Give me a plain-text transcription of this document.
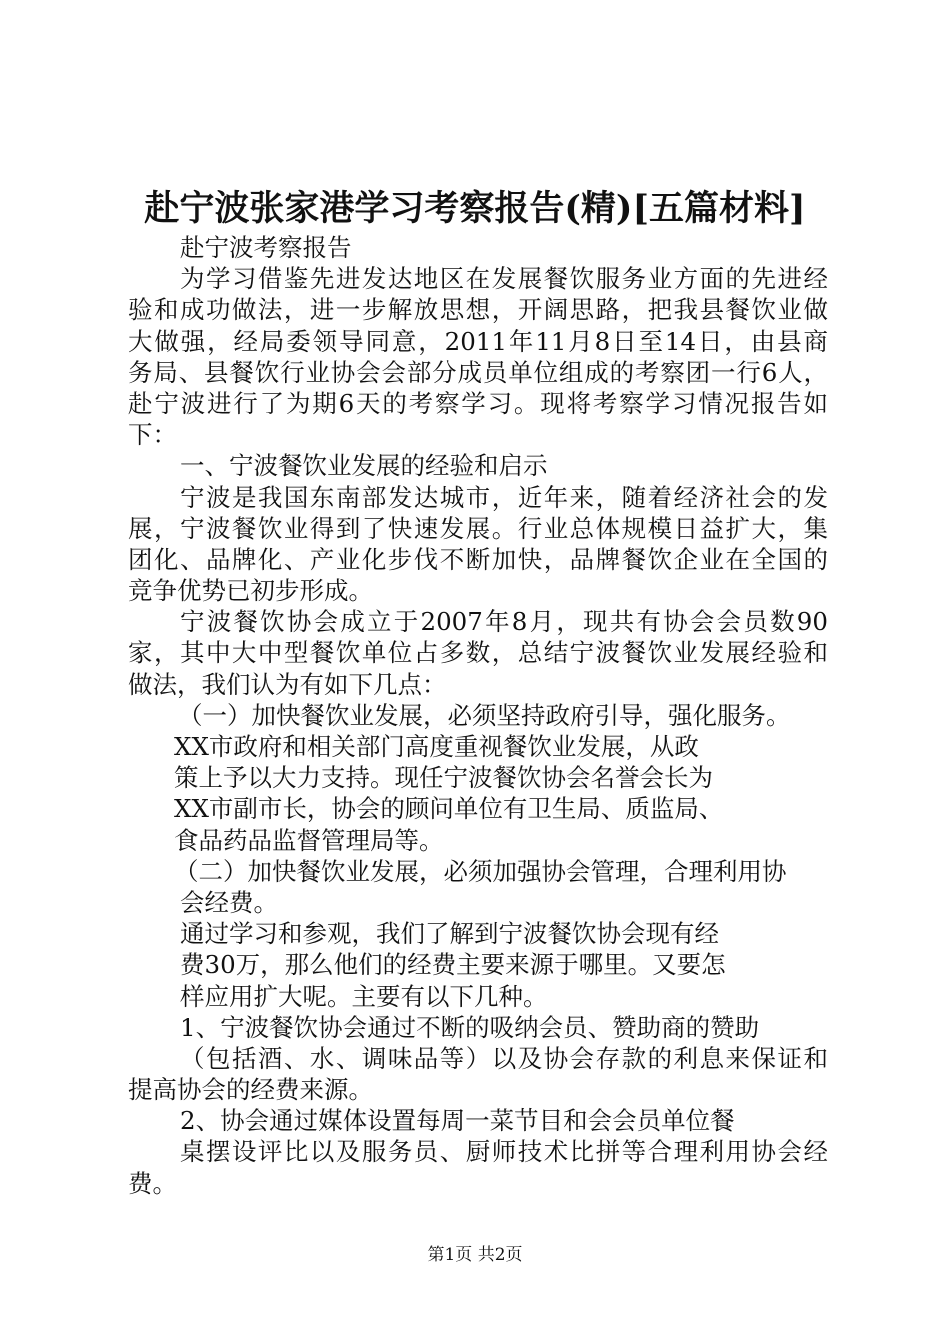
赴宁波张家港学习考察报告(精)[五篇材料]
赴宁波考察报告
为学习借鉴先进发达地区在发展餐饮服务业方面的先进经
验和成功做法，进一步解放思想，开阔思路，把我县餐饮业做
大做强，经局委领导同意，2011年11月8日至14日，由县商
务局、县餐饮行业协会会部分成员单位组成的考察团一行6人，
赴宁波进行了为期6天的考察学习。现将考察学习情况报告如
下：
一、宁波餐饮业发展的经验和启示
宁波是我国东南部发达城市，近年来，随着经济社会的发
展，宁波餐饮业得到了快速发展。行业总体规模日益扩大，集
团化、品牌化、产业化步伐不断加快，品牌餐饮企业在全国的
竞争优势已初步形成。
宁波餐饮协会成立于2007年8月，现共有协会会员数90
家，其中大中型餐饮单位占多数，总结宁波餐饮业发展经验和
做法，我们认为有如下几点：
（一）加快餐饮业发展，必须坚持政府引导，强化服务。
XX市政府和相关部门高度重视餐饮业发展，从政
策上予以大力支持。现任宁波餐饮协会名誉会长为
XX市副市长，协会的顾问单位有卫生局、质监局、
食品药品监督管理局等。
（二）加快餐饮业发展，必须加强协会管理，合理利用协
会经费。
通过学习和参观，我们了解到宁波餐饮协会现有经
费30万，那么他们的经费主要来源于哪里。又要怎
样应用扩大呢。主要有以下几种。
1、宁波餐饮协会通过不断的吸纳会员、赞助商的赞助
（包括酒、水、调味品等）以及协会存款的利息来保证和
提高协会的经费来源。
2、协会通过媒体设置每周一菜节目和会会员单位餐
桌摆设评比以及服务员、厨师技术比拼等合理利用协会经
费。
第1页 共2页
